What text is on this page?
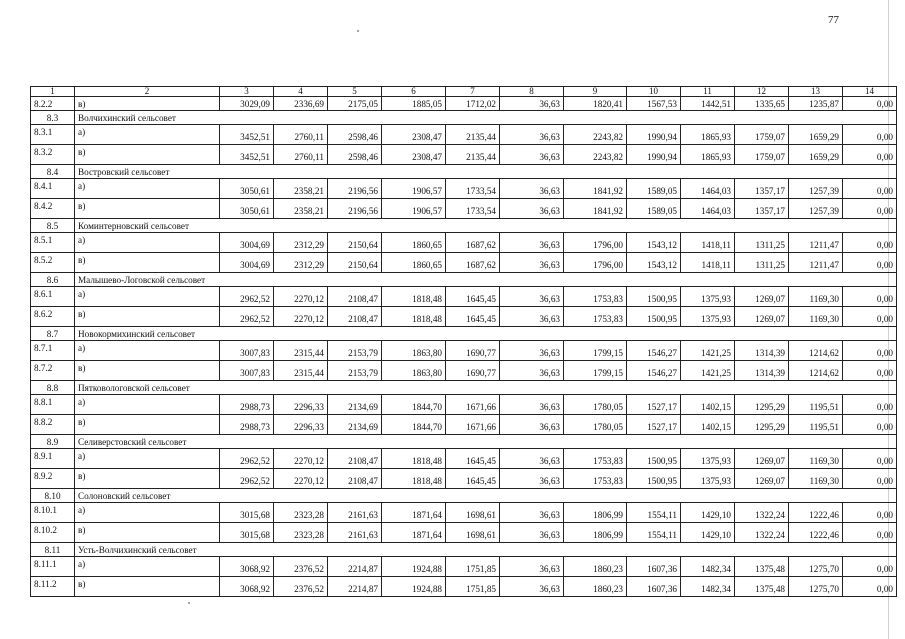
77
1	2	3	4	5	6	7	8	9	10	11	12	13	14
8.2.2	в)	3029,09	2336,69	2175,05	1885,05	1712,02	36,63	1820,41	1567,53	1442,51	1335,65	1235,87	0,00
8.3	Волчихинский сельсовет												
8.3.1	а)	3452,51	2760,11	2598,46	2308,47	2135,44	36,63	2243,82	1990,94	1865,93	1759,07	1659,29	0,00
8.3.2	в)	3452,51	2760,11	2598,46	2308,47	2135,44	36,63	2243,82	1990,94	1865,93	1759,07	1659,29	0,00
8.4	Востровский сельсовет												
8.4.1	а)	3050,61	2358,21	2196,56	1906,57	1733,54	36,63	1841,92	1589,05	1464,03	1357,17	1257,39	0,00
8.4.2	в)	3050,61	2358,21	2196,56	1906,57	1733,54	36,63	1841,92	1589,05	1464,03	1357,17	1257,39	0,00
8.5	Коминтерновский сельсовет												
8.5.1	а)	3004,69	2312,29	2150,64	1860,65	1687,62	36,63	1796,00	1543,12	1418,11	1311,25	1211,47	0,00
8.5.2	в)	3004,69	2312,29	2150,64	1860,65	1687,62	36,63	1796,00	1543,12	1418,11	1311,25	1211,47	0,00
8.6	Малышево-Логовской сельсовет												
8.6.1	а)	2962,52	2270,12	2108,47	1818,48	1645,45	36,63	1753,83	1500,95	1375,93	1269,07	1169,30	0,00
8.6.2	в)	2962,52	2270,12	2108,47	1818,48	1645,45	36,63	1753,83	1500,95	1375,93	1269,07	1169,30	0,00
8.7	Новокормихинский сельсовет												
8.7.1	а)	3007,83	2315,44	2153,79	1863,80	1690,77	36,63	1799,15	1546,27	1421,25	1314,39	1214,62	0,00
8.7.2	в)	3007,83	2315,44	2153,79	1863,80	1690,77	36,63	1799,15	1546,27	1421,25	1314,39	1214,62	0,00
8.8	Пятковологовской сельсовет												
8.8.1	а)	2988,73	2296,33	2134,69	1844,70	1671,66	36,63	1780,05	1527,17	1402,15	1295,29	1195,51	0,00
8.8.2	в)	2988,73	2296,33	2134,69	1844,70	1671,66	36,63	1780,05	1527,17	1402,15	1295,29	1195,51	0,00
8.9	Селиверстовский сельсовет												
8.9.1	а)	2962,52	2270,12	2108,47	1818,48	1645,45	36,63	1753,83	1500,95	1375,93	1269,07	1169,30	0,00
8.9.2	в)	2962,52	2270,12	2108,47	1818,48	1645,45	36,63	1753,83	1500,95	1375,93	1269,07	1169,30	0,00
8.10	Солоновский сельсовет												
8.10.1	а)	3015,68	2323,28	2161,63	1871,64	1698,61	36,63	1806,99	1554,11	1429,10	1322,24	1222,46	0,00
8.10.2	в)	3015,68	2323,28	2161,63	1871,64	1698,61	36,63	1806,99	1554,11	1429,10	1322,24	1222,46	0,00
8.11	Усть-Волчихинский сельсовет												
8.11.1	а)	3068,92	2376,52	2214,87	1924,88	1751,85	36,63	1860,23	1607,36	1482,34	1375,48	1275,70	0,00
8.11.2	в)	3068,92	2376,52	2214,87	1924,88	1751,85	36,63	1860,23	1607,36	1482,34	1375,48	1275,70	0,00
